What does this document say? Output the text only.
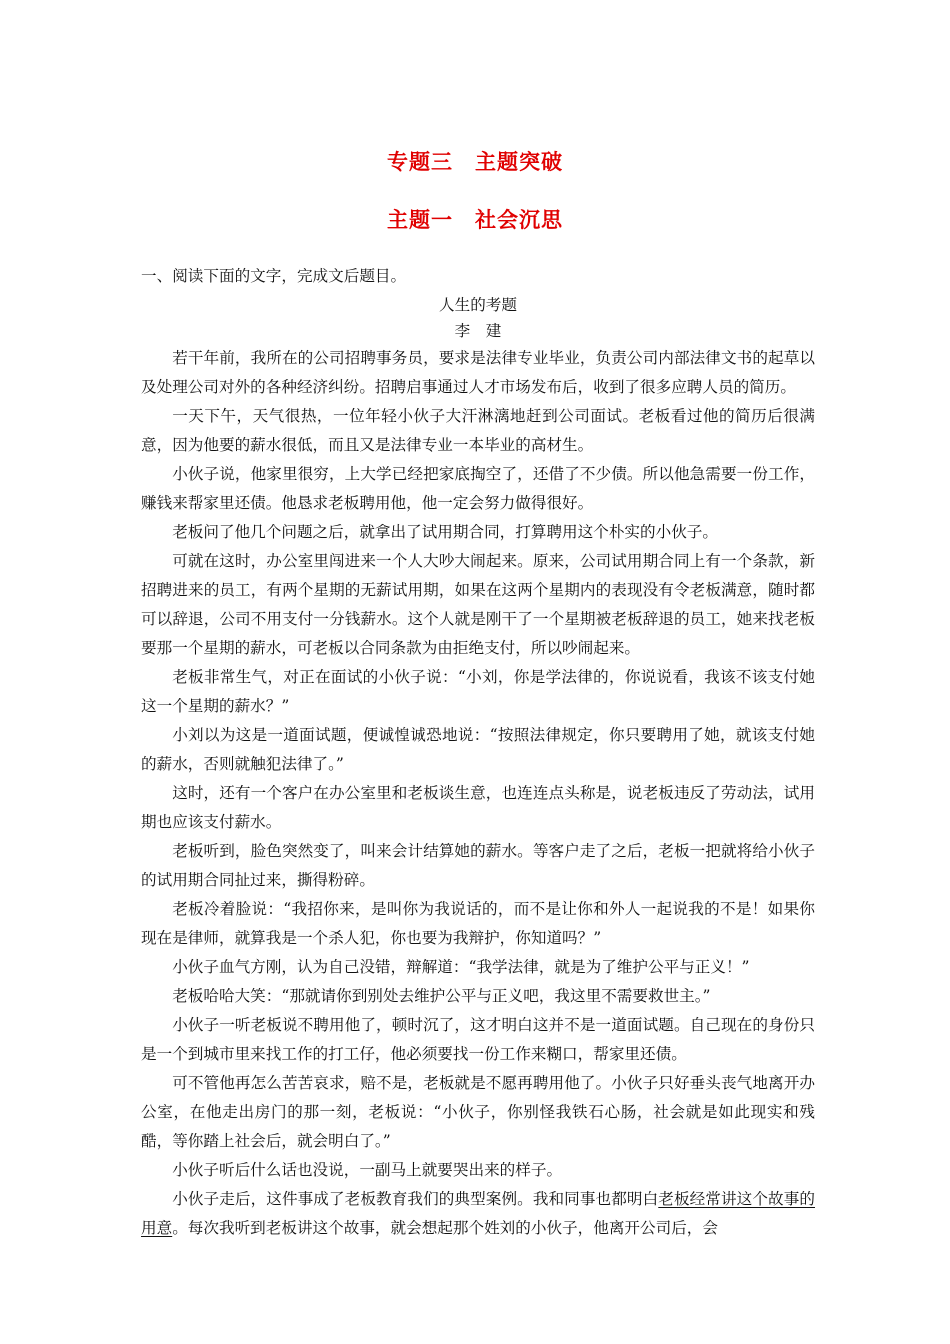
专题三　主题突破
主题一　社会沉思

一、阅读下面的文字，完成文后题目。

人生的考题

李　建

若干年前，我所在的公司招聘事务员，要求是法律专业毕业，负责公司内部法律文书的起草以及处理公司对外的各种经济纠纷。招聘启事通过人才市场发布后，收到了很多应聘人员的简历。

一天下午，天气很热，一位年轻小伙子大汗淋漓地赶到公司面试。老板看过他的简历后很满意，因为他要的薪水很低，而且又是法律专业一本毕业的高材生。

小伙子说，他家里很穷，上大学已经把家底掏空了，还借了不少债。所以他急需要一份工作，赚钱来帮家里还债。他恳求老板聘用他，他一定会努力做得很好。

老板问了他几个问题之后，就拿出了试用期合同，打算聘用这个朴实的小伙子。

可就在这时，办公室里闯进来一个人大吵大闹起来。原来，公司试用期合同上有一个条款，新招聘进来的员工，有两个星期的无薪试用期，如果在这两个星期内的表现没有令老板满意，随时都可以辞退，公司不用支付一分钱薪水。这个人就是刚干了一个星期被老板辞退的员工，她来找老板要那一个星期的薪水，可老板以合同条款为由拒绝支付，所以吵闹起来。

老板非常生气，对正在面试的小伙子说：“小刘，你是学法律的，你说说看，我该不该支付她这一个星期的薪水？”

小刘以为这是一道面试题，便诚惶诚恐地说：“按照法律规定，你只要聘用了她，就该支付她的薪水，否则就触犯法律了。”

这时，还有一个客户在办公室里和老板谈生意，也连连点头称是，说老板违反了劳动法，试用期也应该支付薪水。

老板听到，脸色突然变了，叫来会计结算她的薪水。等客户走了之后，老板一把就将给小伙子的试用期合同扯过来，撕得粉碎。

老板冷着脸说：“我招你来，是叫你为我说话的，而不是让你和外人一起说我的不是！如果你现在是律师，就算我是一个杀人犯，你也要为我辩护，你知道吗？”

小伙子血气方刚，认为自己没错，辩解道：“我学法律，就是为了维护公平与正义！”

老板哈哈大笑：“那就请你到别处去维护公平与正义吧，我这里不需要救世主。”

小伙子一听老板说不聘用他了，顿时沉了，这才明白这并不是一道面试题。自己现在的身份只是一个到城市里来找工作的打工仔，他必须要找一份工作来糊口，帮家里还债。

可不管他再怎么苦苦哀求，赔不是，老板就是不愿再聘用他了。小伙子只好垂头丧气地离开办公室，在他走出房门的那一刻，老板说：“小伙子，你别怪我铁石心肠，社会就是如此现实和残酷，等你踏上社会后，就会明白了。”

小伙子听后什么话也没说，一副马上就要哭出来的样子。

小伙子走后，这件事成了老板教育我们的典型案例。我和同事也都明白老板经常讲这个故事的用意。每次我听到老板讲这个故事，就会想起那个姓刘的小伙子，他离开公司后，会
